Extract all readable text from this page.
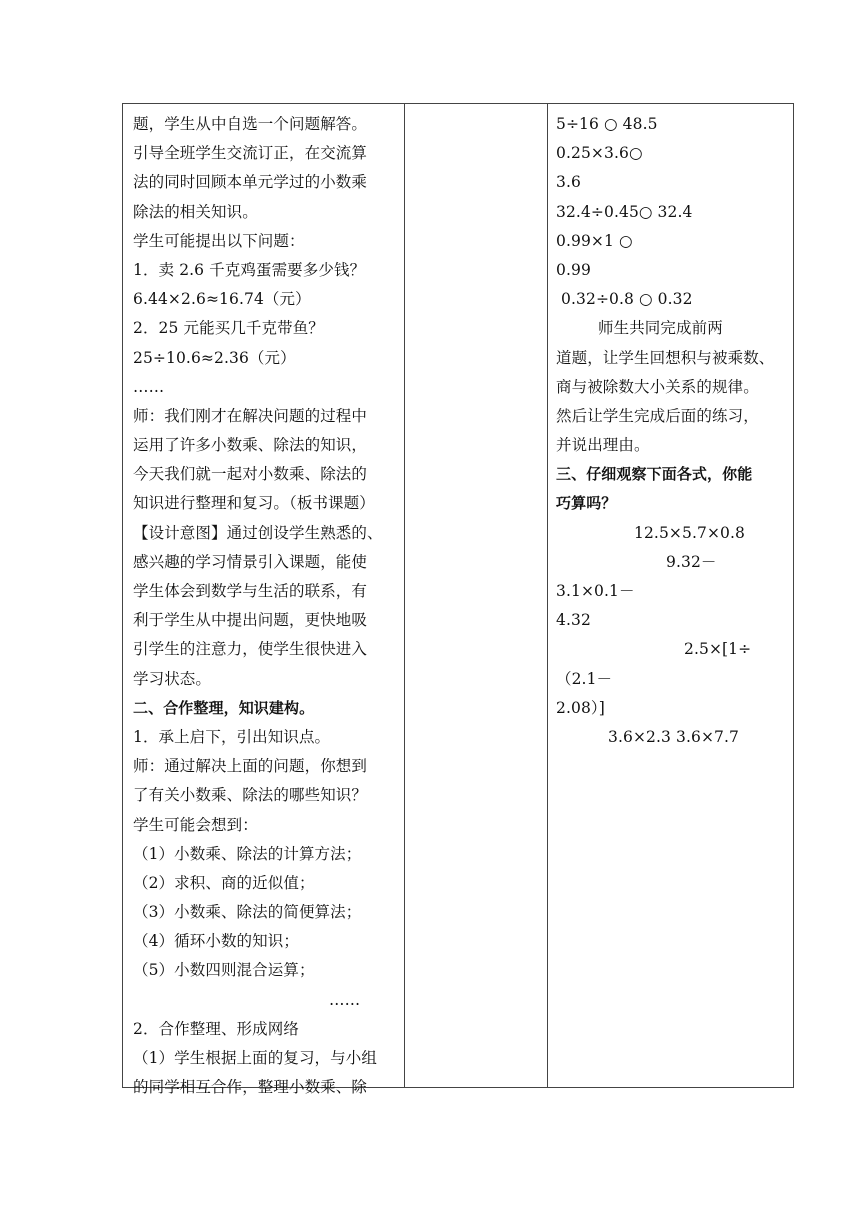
题，学生从中自选一个问题解答。
引导全班学生交流订正，在交流算
法的同时回顾本单元学过的小数乘
除法的相关知识。
学生可能提出以下问题：
1．卖 2.6 千克鸡蛋需要多少钱？
6.44×2.6≈16.74（元）
2．25 元能买几千克带鱼？
25÷10.6≈2.36（元）
……
师：我们刚才在解决问题的过程中
运用了许多小数乘、除法的知识，
今天我们就一起对小数乘、除法的
知识进行整理和复习。（板书课题）
【设计意图】通过创设学生熟悉的、
感兴趣的学习情景引入课题，能使
学生体会到数学与生活的联系，有
利于学生从中提出问题，更快地吸
引学生的注意力，使学生很快进入
学习状态。
二、合作整理，知识建构。
1．承上启下，引出知识点。
师：通过解决上面的问题，你想到
了有关小数乘、除法的哪些知识？
学生可能会想到：
（1）小数乘、除法的计算方法；
（2）求积、商的近似值；
（3）小数乘、除法的简便算法；
（4）循环小数的知识；
（5）小数四则混合运算；
……
2．合作整理、形成网络
（1）学生根据上面的复习，与小组
的同学相互合作，整理小数乘、除
5÷16 ○ 48.5
0.25×3.6○
3.6
32.4÷0.45○ 32.4
0.99×1 ○
0.99
0.32÷0.8 ○ 0.32
师生共同完成前两
道题，让学生回想积与被乘数、
商与被除数大小关系的规律。
然后让学生完成后面的练习，
并说出理由。
三、仔细观察下面各式，你能
巧算吗？
12.5×5.7×0.8
9.32－
3.1×0.1－
4.32
2.5×[1÷
（2.1－
2.08）]
3.6×2.3 3.6×7.7
